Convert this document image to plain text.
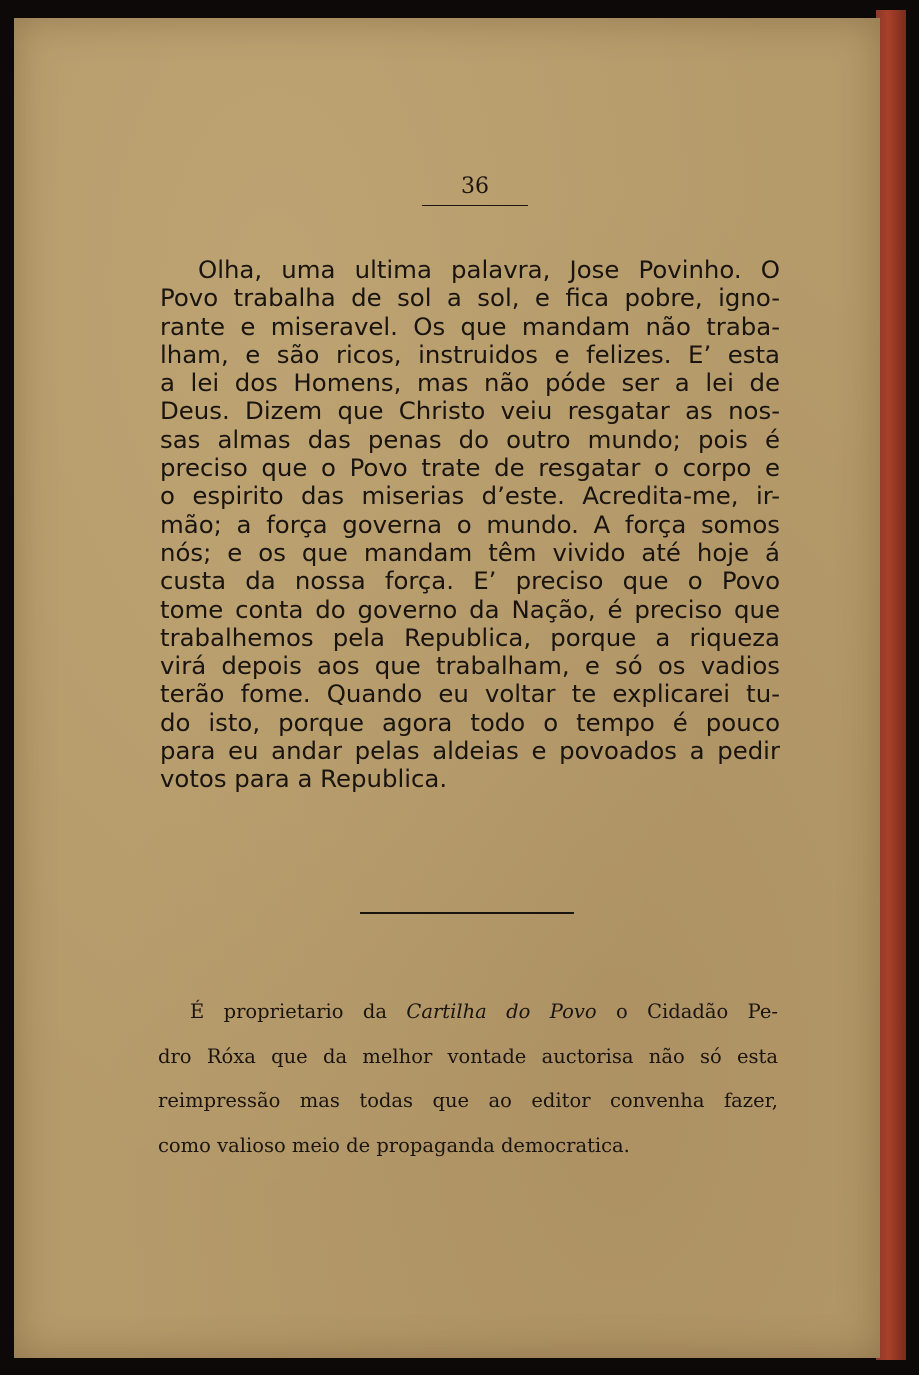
36
Olha, uma ultima palavra, Jose Povinho. O
Povo trabalha de sol a sol, e fica pobre, igno-
rante e miseravel. Os que mandam não traba-
lham, e são ricos, instruidos e felizes. E’ esta
a lei dos Homens, mas não póde ser a lei de
Deus. Dizem que Christo veiu resgatar as nos-
sas almas das penas do outro mundo; pois é
preciso que o Povo trate de resgatar o corpo e
o espirito das miserias d’este. Acredita-me, ir-
mão; a força governa o mundo. A força somos
nós; e os que mandam têm vivido até hoje á
custa da nossa força. E’ preciso que o Povo
tome conta do governo da Nação, é preciso que
trabalhemos pela Republica, porque a riqueza
virá depois aos que trabalham, e só os vadios
terão fome. Quando eu voltar te explicarei tu-
do isto, porque agora todo o tempo é pouco
para eu andar pelas aldeias e povoados a pedir
votos para a Republica.
É proprietario da Cartilha do Povo o Cidadão Pe-
dro Róxa que da melhor vontade auctorisa não só esta
reimpressão mas todas que ao editor convenha fazer,
como valioso meio de propaganda democratica.
